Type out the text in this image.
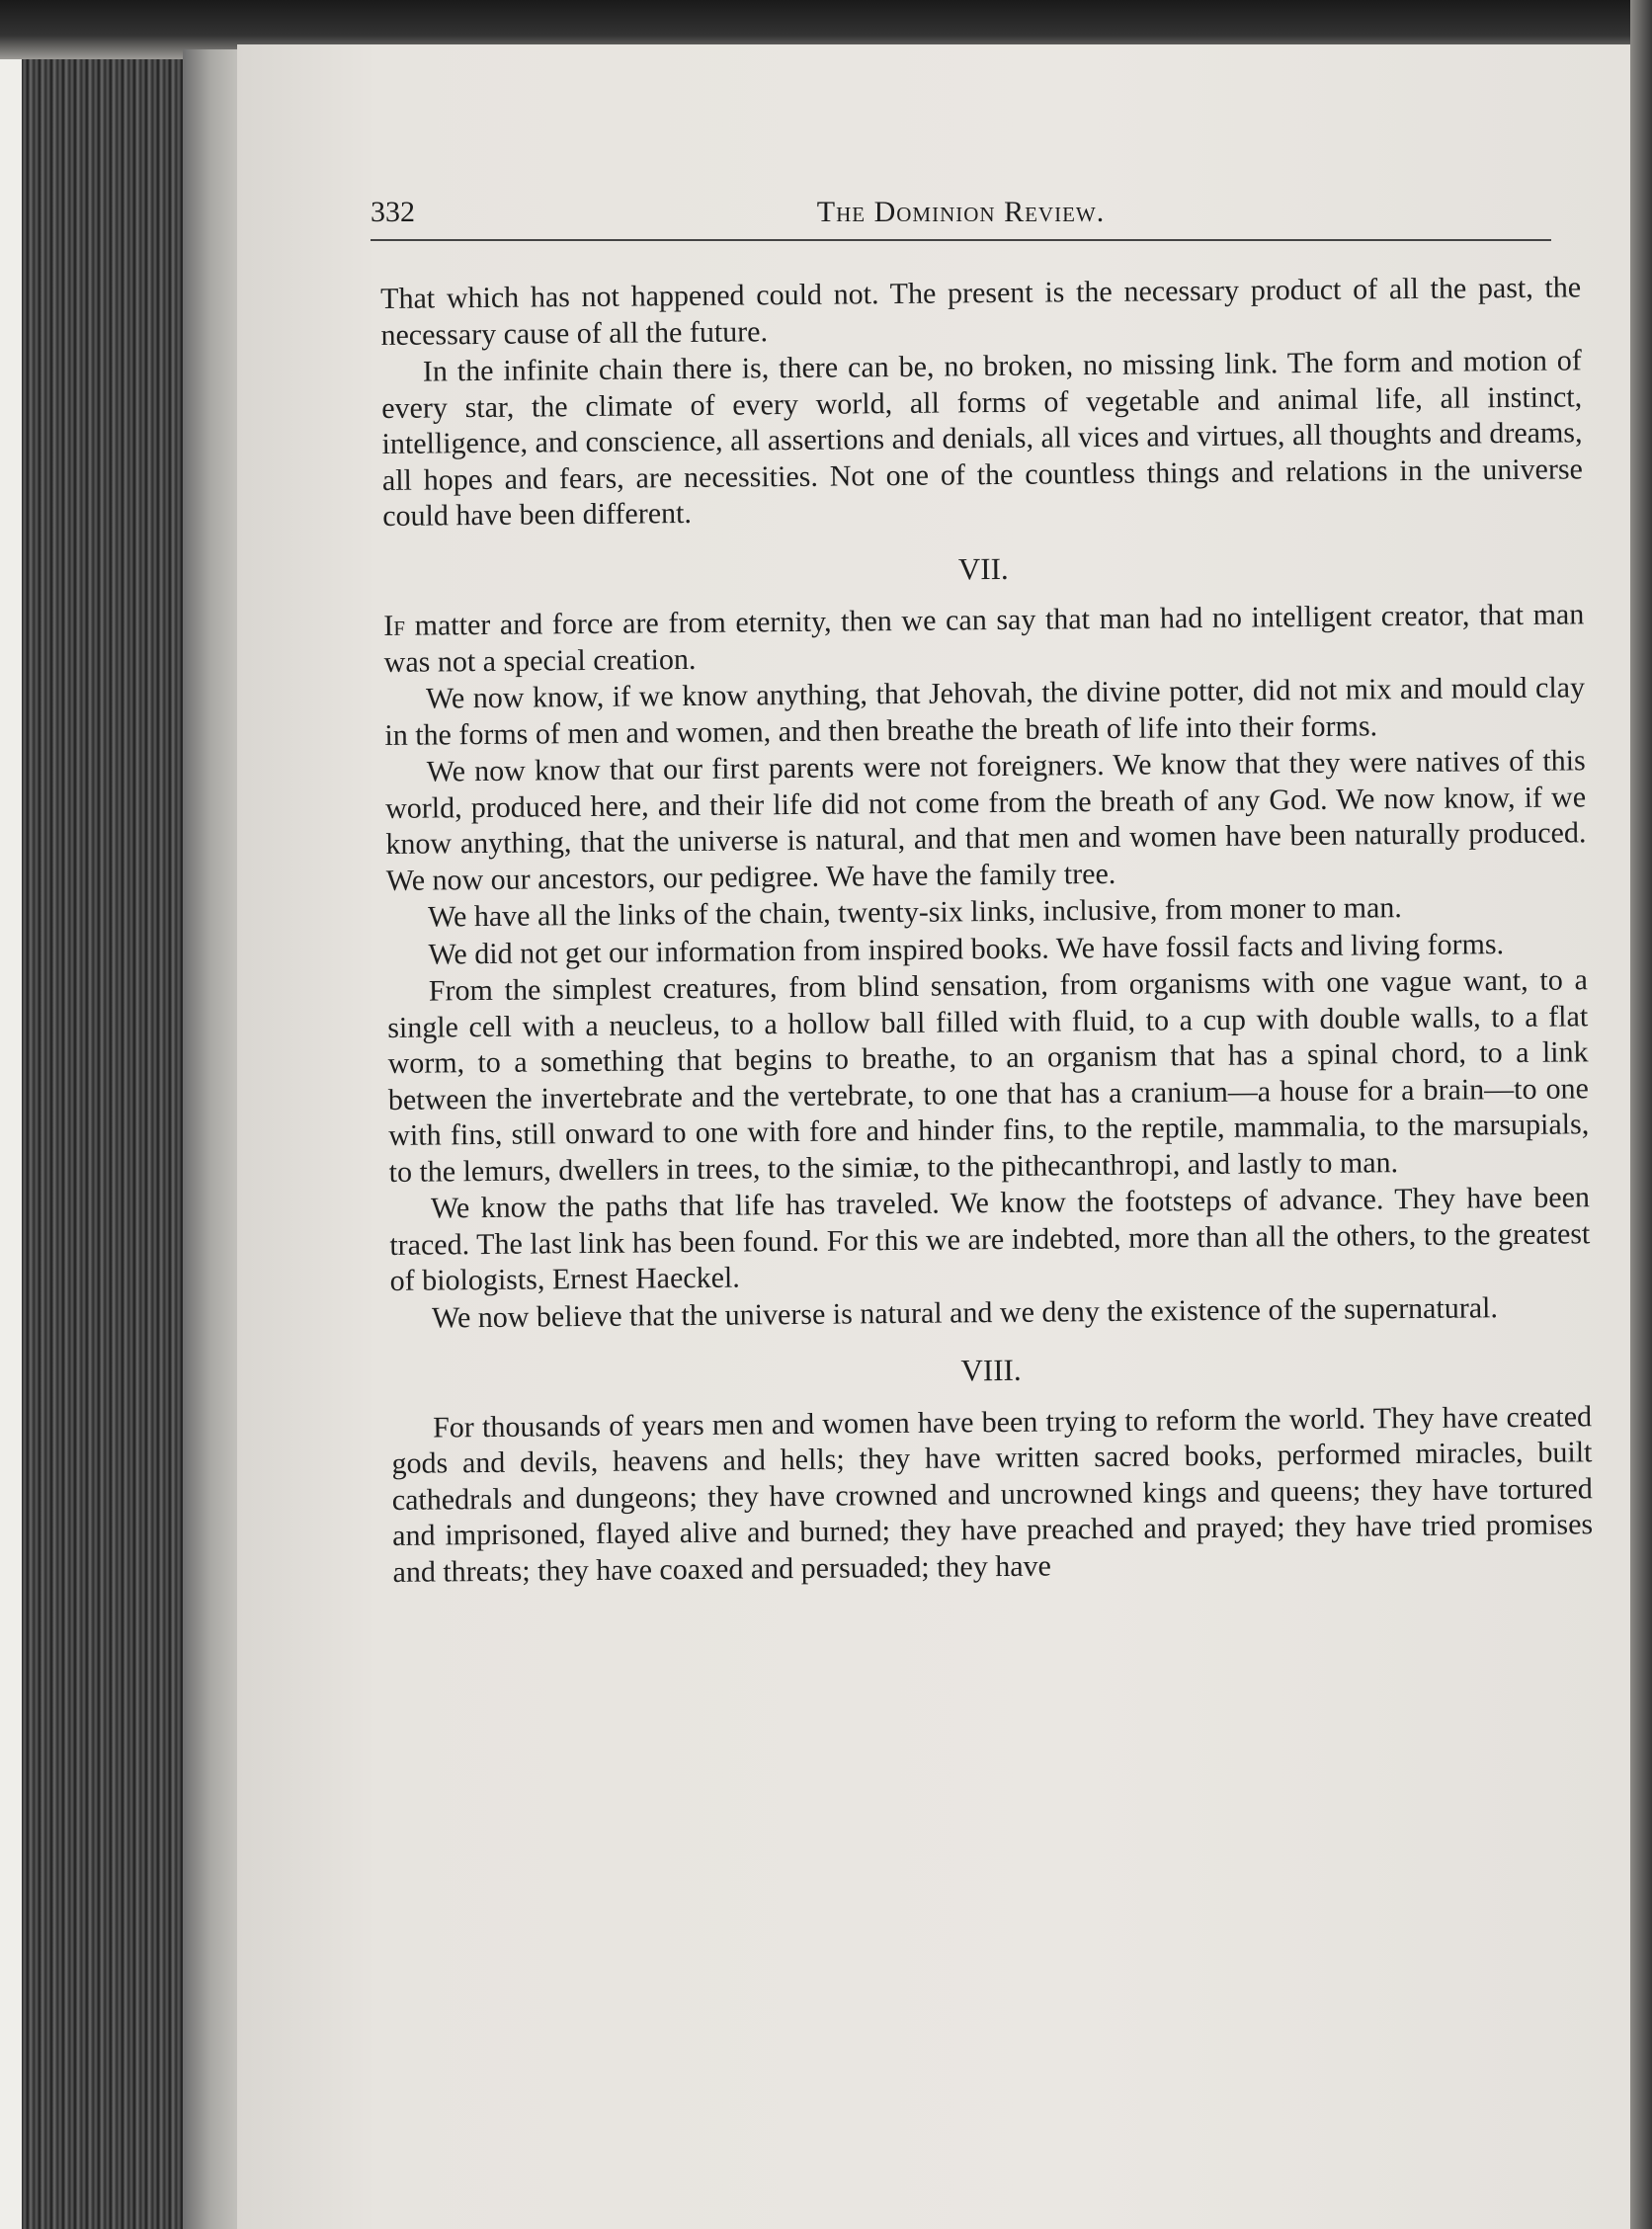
332	The Dominion Review.

That which has not happened could not. The present is the necessary product of all the past, the necessary cause of all the future.

In the infinite chain there is, there can be, no broken, no missing link. The form and motion of every star, the climate of every world, all forms of vegetable and animal life, all instinct, intelligence, and conscience, all assertions and denials, all vices and virtues, all thoughts and dreams, all hopes and fears, are necessities. Not one of the countless things and relations in the universe could have been different.

VII.

If matter and force are from eternity, then we can say that man had no intelligent creator, that man was not a special creation.

We now know, if we know anything, that Jehovah, the divine potter, did not mix and mould clay in the forms of men and women, and then breathe the breath of life into their forms.

We now know that our first parents were not foreigners. We know that they were natives of this world, produced here, and their life did not come from the breath of any God. We now know, if we know anything, that the universe is natural, and that men and women have been naturally produced. We now our ancestors, our pedigree. We have the family tree.

We have all the links of the chain, twenty-six links, inclusive, from moner to man.

We did not get our information from inspired books. We have fossil facts and living forms.

From the simplest creatures, from blind sensation, from organisms with one vague want, to a single cell with a neucleus, to a hollow ball filled with fluid, to a cup with double walls, to a flat worm, to a something that begins to breathe, to an organism that has a spinal chord, to a link between the invertebrate and the vertebrate, to one that has a cranium—a house for a brain—to one with fins, still onward to one with fore and hinder fins, to the reptile, mammalia, to the marsupials, to the lemurs, dwellers in trees, to the simiæ, to the pithecanthropi, and lastly to man.

We know the paths that life has traveled. We know the footsteps of advance. They have been traced. The last link has been found. For this we are indebted, more than all the others, to the greatest of biologists, Ernest Haeckel.

We now believe that the universe is natural and we deny the existence of the supernatural.

VIII.

For thousands of years men and women have been trying to reform the world. They have created gods and devils, heavens and hells; they have written sacred books, performed miracles, built cathedrals and dungeons; they have crowned and uncrowned kings and queens; they have tortured and imprisoned, flayed alive and burned; they have preached and prayed; they have tried promises and threats; they have coaxed and persuaded; they have
